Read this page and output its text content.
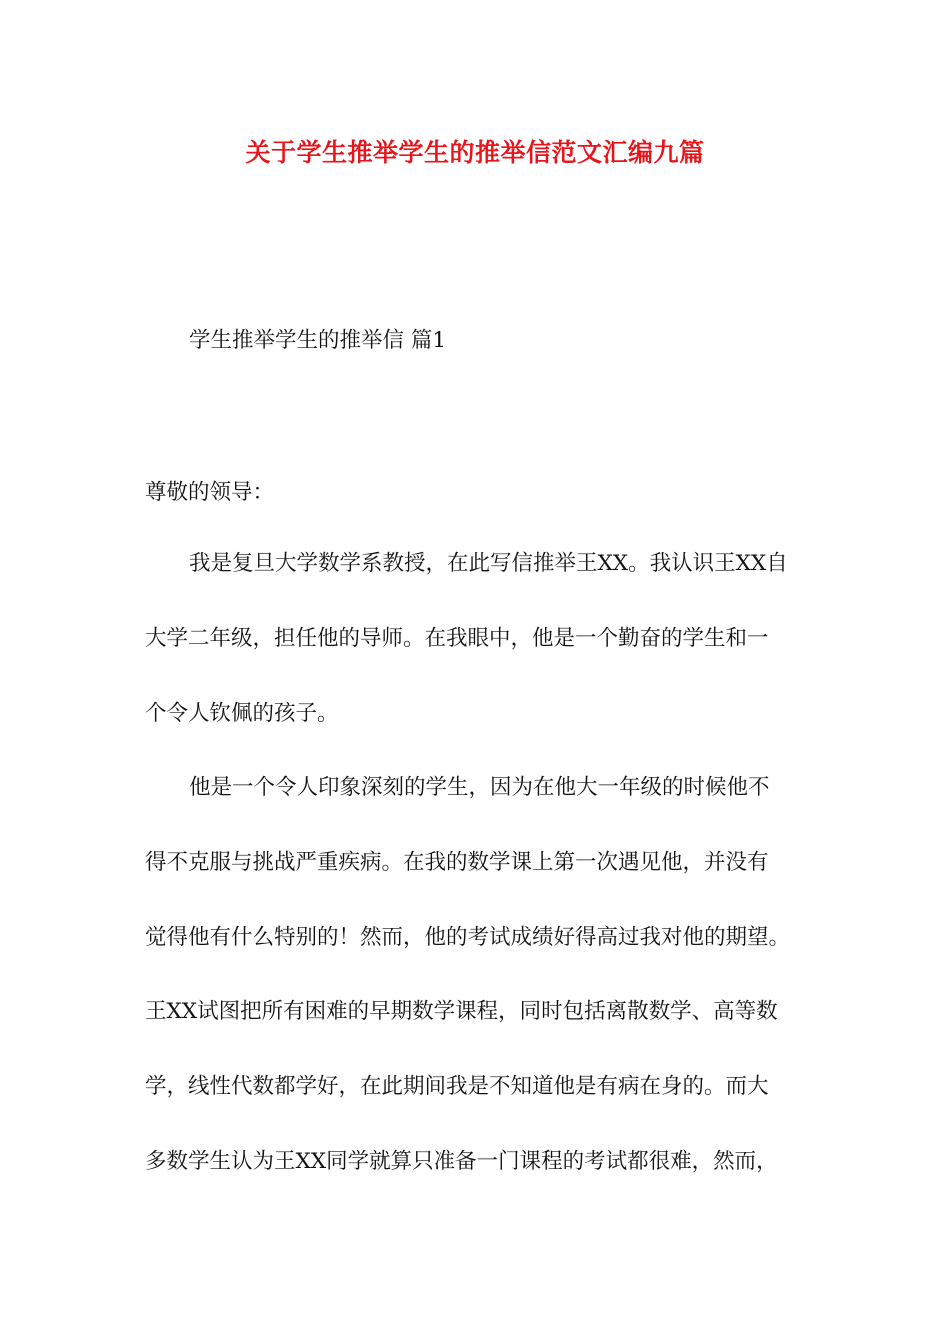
关于学生推举学生的推举信范文汇编九篇
学生推举学生的推举信 篇1
尊敬的领导：
我是复旦大学数学系教授，在此写信推举王XX。我认识王XX自
大学二年级，担任他的导师。在我眼中，他是一个勤奋的学生和一
个令人钦佩的孩子。
他是一个令人印象深刻的学生，因为在他大一年级的时候他不
得不克服与挑战严重疾病。在我的数学课上第一次遇见他，并没有
觉得他有什么特别的！然而，他的考试成绩好得高过我对他的期望。
王XX试图把所有困难的早期数学课程，同时包括离散数学、高等数
学，线性代数都学好，在此期间我是不知道他是有病在身的。而大
多数学生认为王XX同学就算只准备一门课程的考试都很难，然而，
